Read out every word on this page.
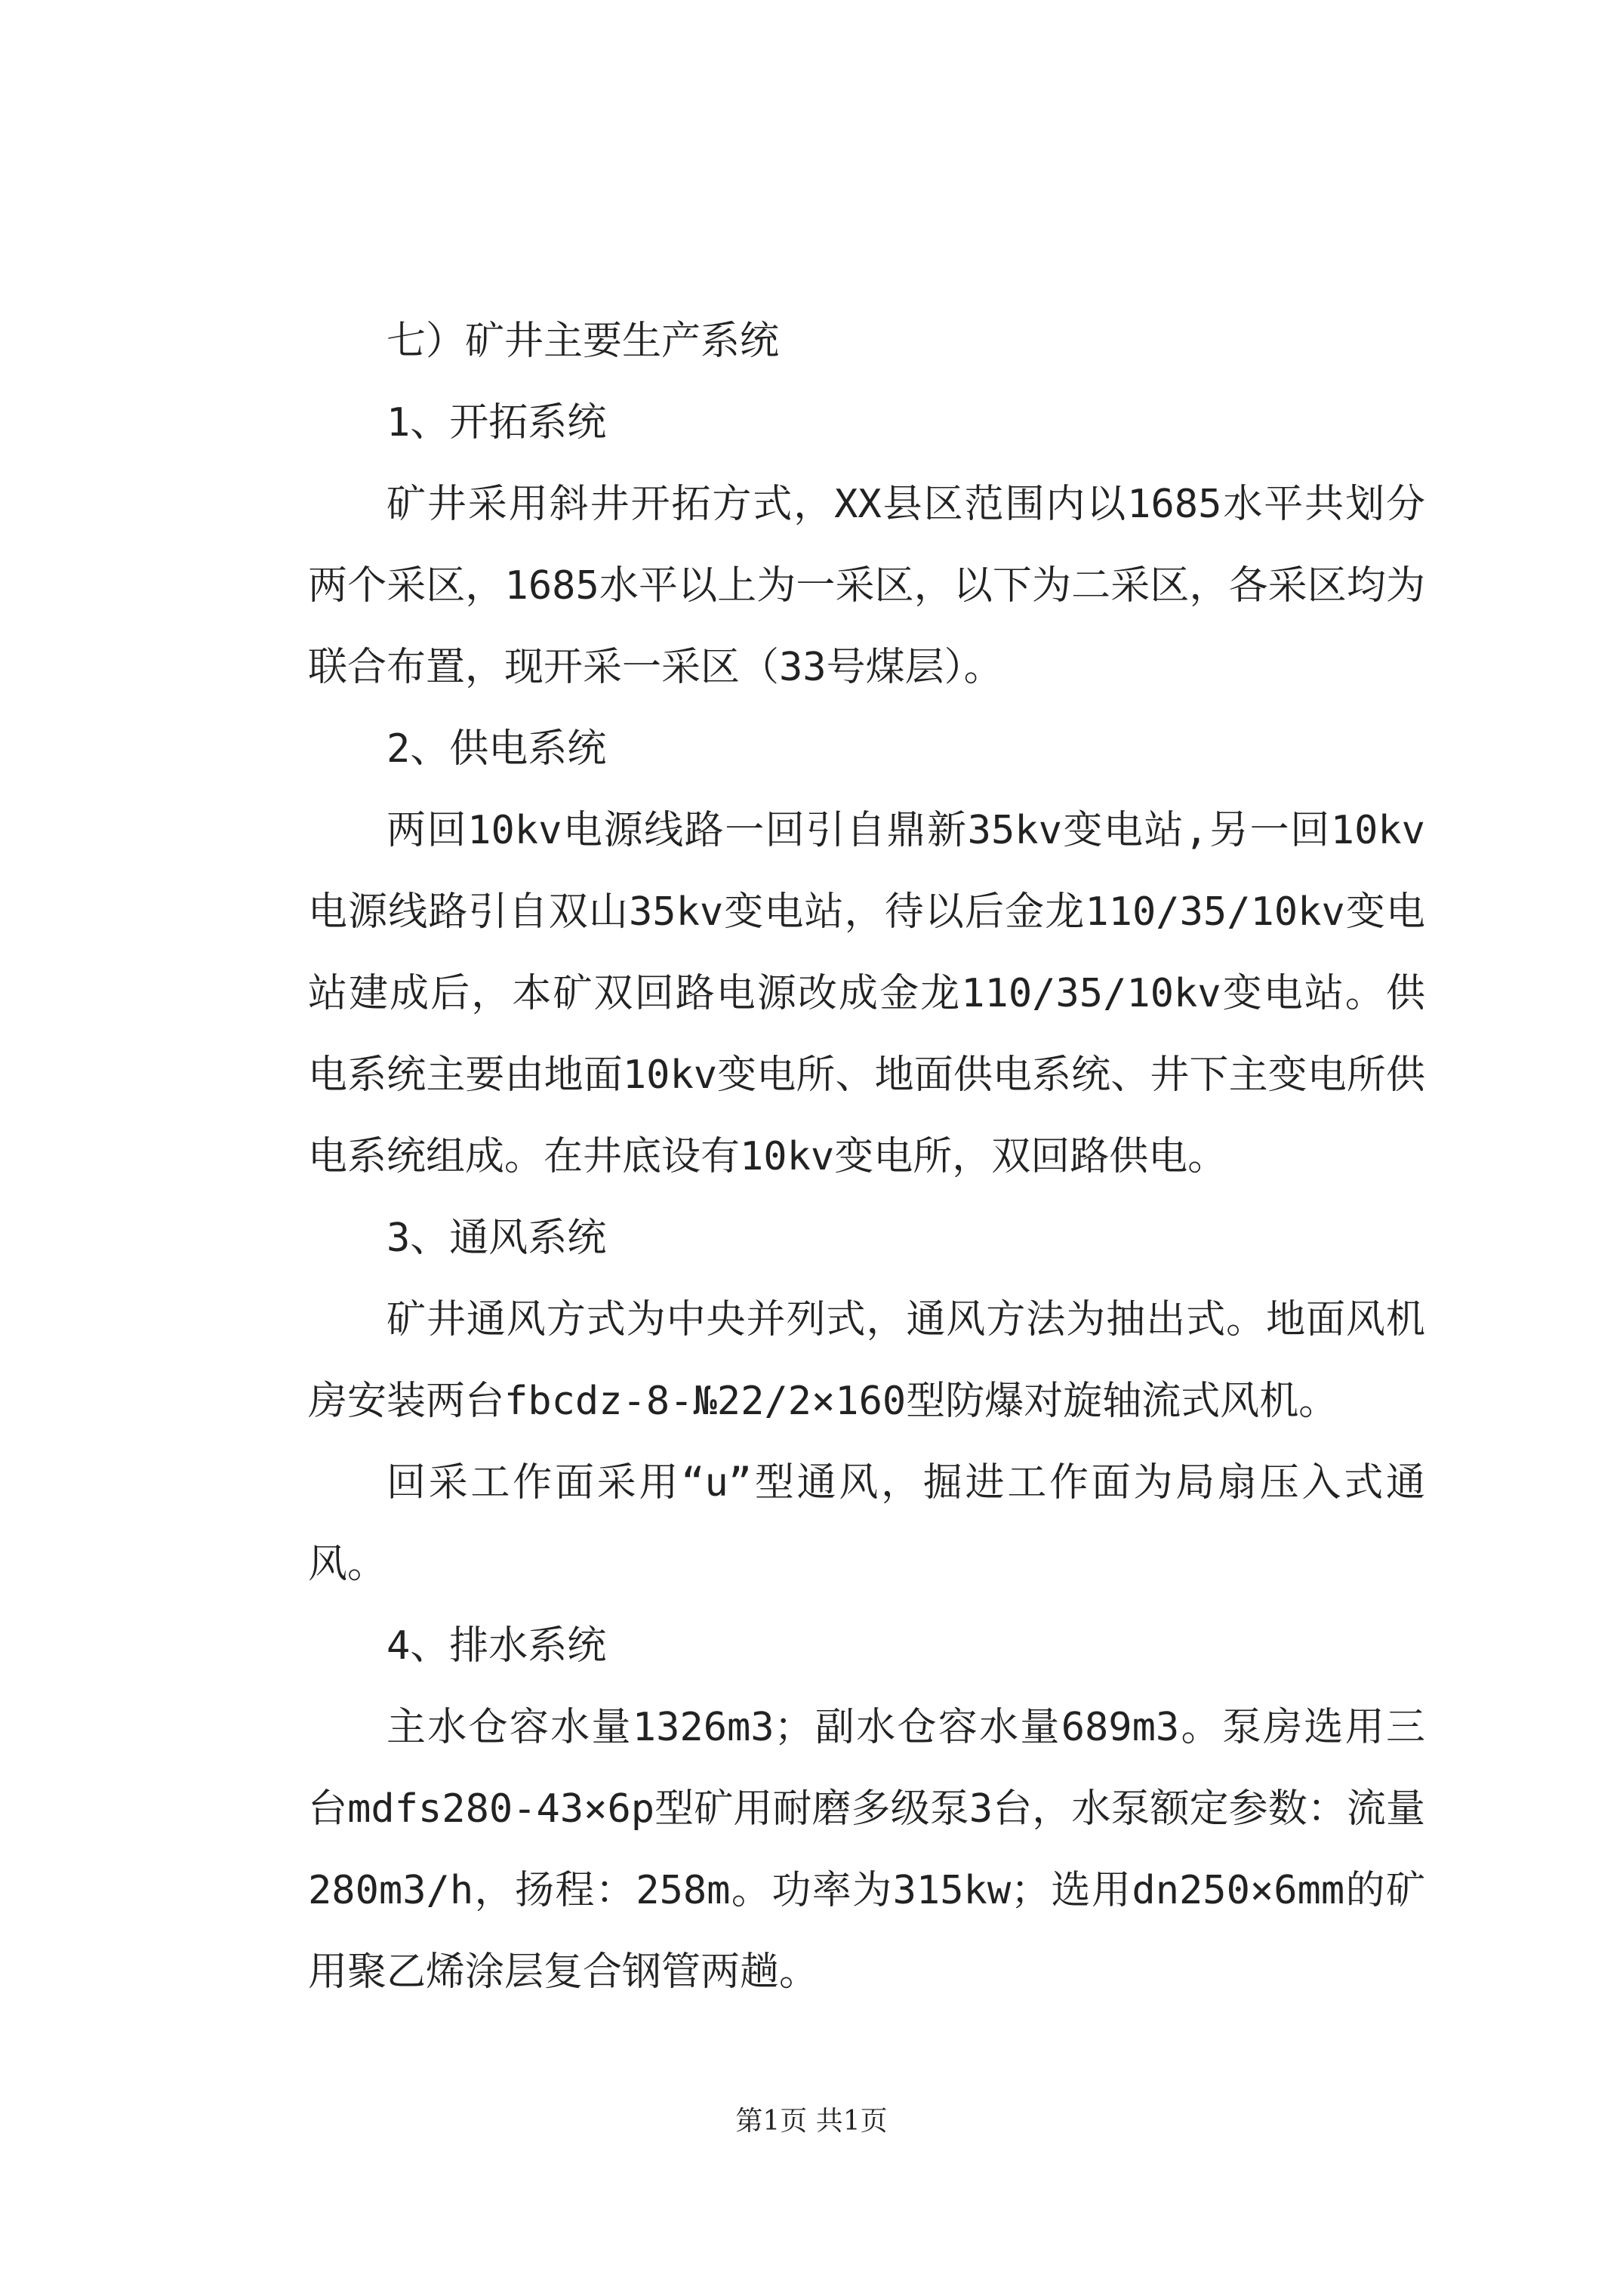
七）矿井主要生产系统

1、开拓系统

矿井采用斜井开拓方式，XX县区范围内以1685水平共划分两个采区，1685水平以上为一采区，以下为二采区，各采区均为联合布置，现开采一采区（33号煤层）。

2、供电系统

两回10kv电源线路一回引自鼎新35kv变电站,另一回10kv电源线路引自双山35kv变电站，待以后金龙110/35/10kv变电站建成后，本矿双回路电源改成金龙110/35/10kv变电站。供电系统主要由地面10kv变电所、地面供电系统、井下主变电所供电系统组成。在井底设有10kv变电所，双回路供电。

3、通风系统

矿井通风方式为中央并列式，通风方法为抽出式。地面风机房安装两台fbcdz-8-№22/2×160型防爆对旋轴流式风机。

回采工作面采用“u”型通风，掘进工作面为局扇压入式通风。

4、排水系统

主水仓容水量1326m3；副水仓容水量689m3。泵房选用三台mdfs280-43×6p型矿用耐磨多级泵3台，水泵额定参数：流量280m3/h，扬程：258m。功率为315kw；选用dn250×6mm的矿用聚乙烯涂层复合钢管两趟。

第1页 共1页
